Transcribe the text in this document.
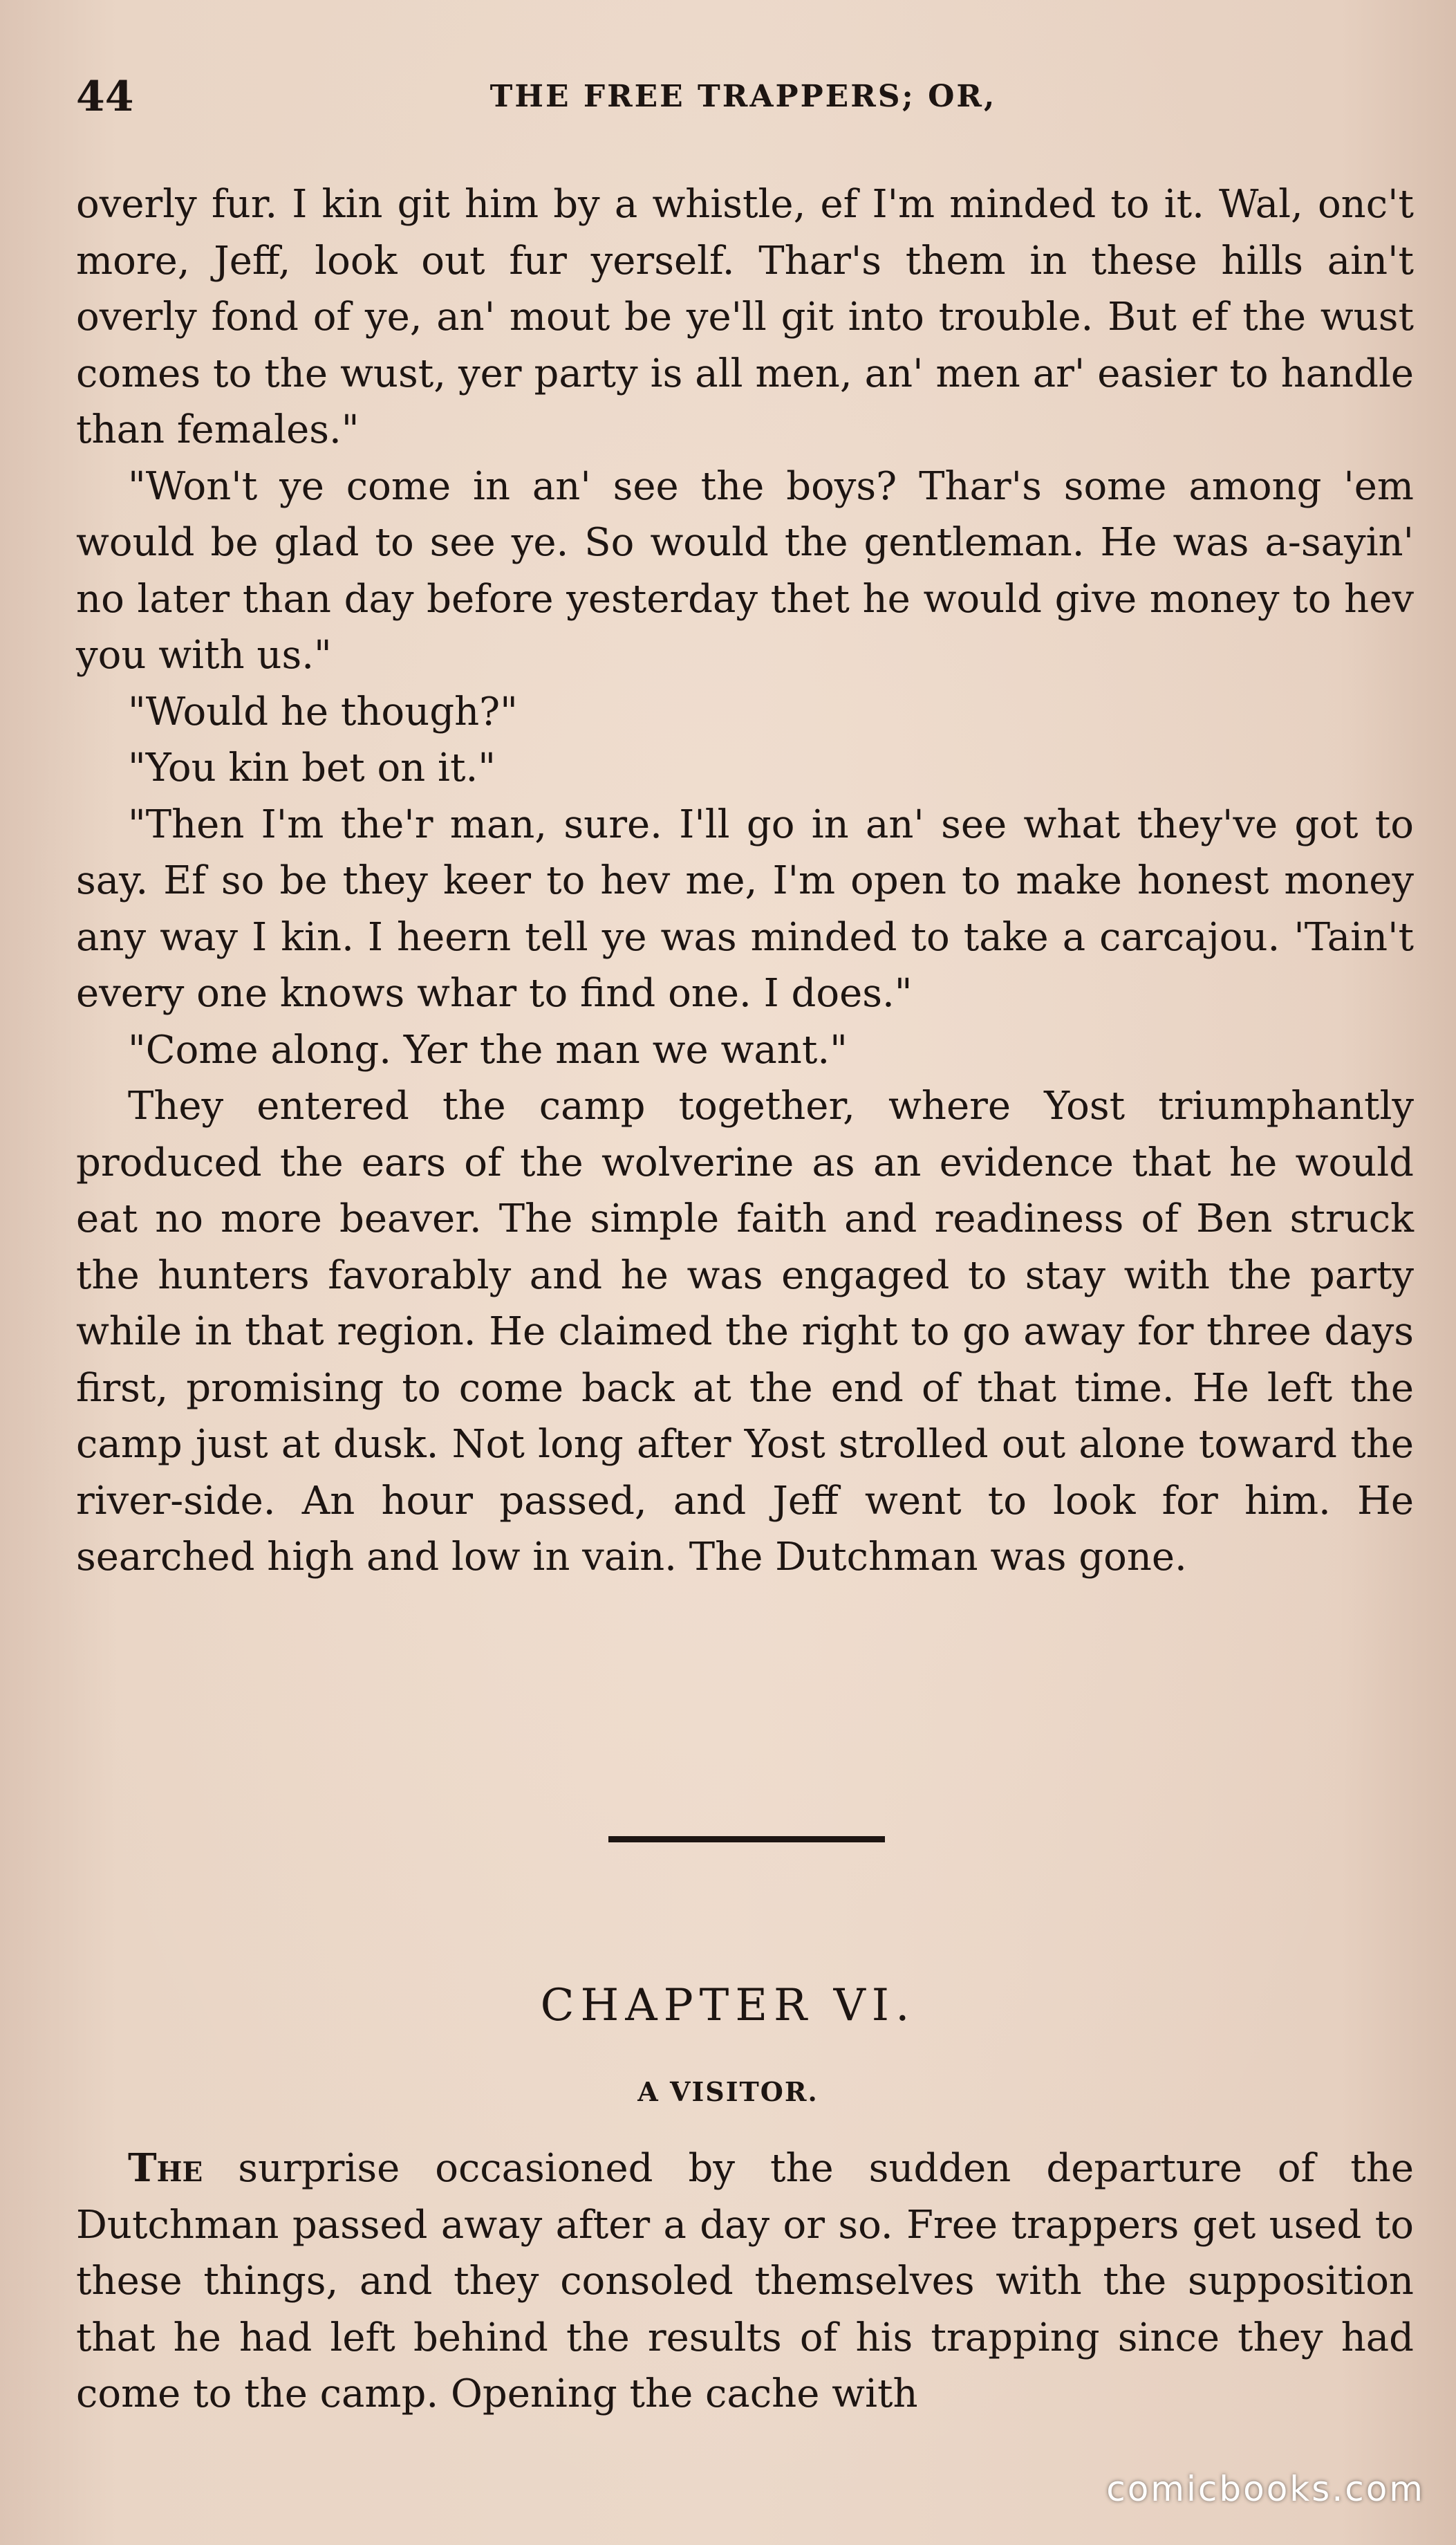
44	THE FREE TRAPPERS; OR,

overly fur. I kin git him by a whistle, ef I'm minded to it. Wal, onc't more, Jeff, look out fur yerself. Thar's them in these hills ain't overly fond of ye, an' mout be ye'll git into trouble. But ef the wust comes to the wust, yer party is all men, an' men ar' easier to handle than females."

"Won't ye come in an' see the boys? Thar's some among 'em would be glad to see ye. So would the gentleman. He was a-sayin' no later than day before yesterday thet he would give money to hev you with us."

"Would he though?"

"You kin bet on it."

"Then I'm the'r man, sure. I'll go in an' see what they've got to say. Ef so be they keer to hev me, I'm open to make honest money any way I kin. I heern tell ye was minded to take a carcajou. 'Tain't every one knows whar to find one. I does."

"Come along. Yer the man we want."

They entered the camp together, where Yost triumphantly produced the ears of the wolverine as an evidence that he would eat no more beaver. The simple faith and readiness of Ben struck the hunters favorably and he was engaged to stay with the party while in that region. He claimed the right to go away for three days first, promising to come back at the end of that time. He left the camp just at dusk. Not long after Yost strolled out alone toward the river-side. An hour passed, and Jeff went to look for him. He searched high and low in vain. The Dutchman was gone.

CHAPTER VI.
A VISITOR.

The surprise occasioned by the sudden departure of the Dutchman passed away after a day or so. Free trappers get used to these things, and they consoled themselves with the supposition that he had left behind the results of his trapping since they had come to the camp. Opening the cache with

comicbooks.com
